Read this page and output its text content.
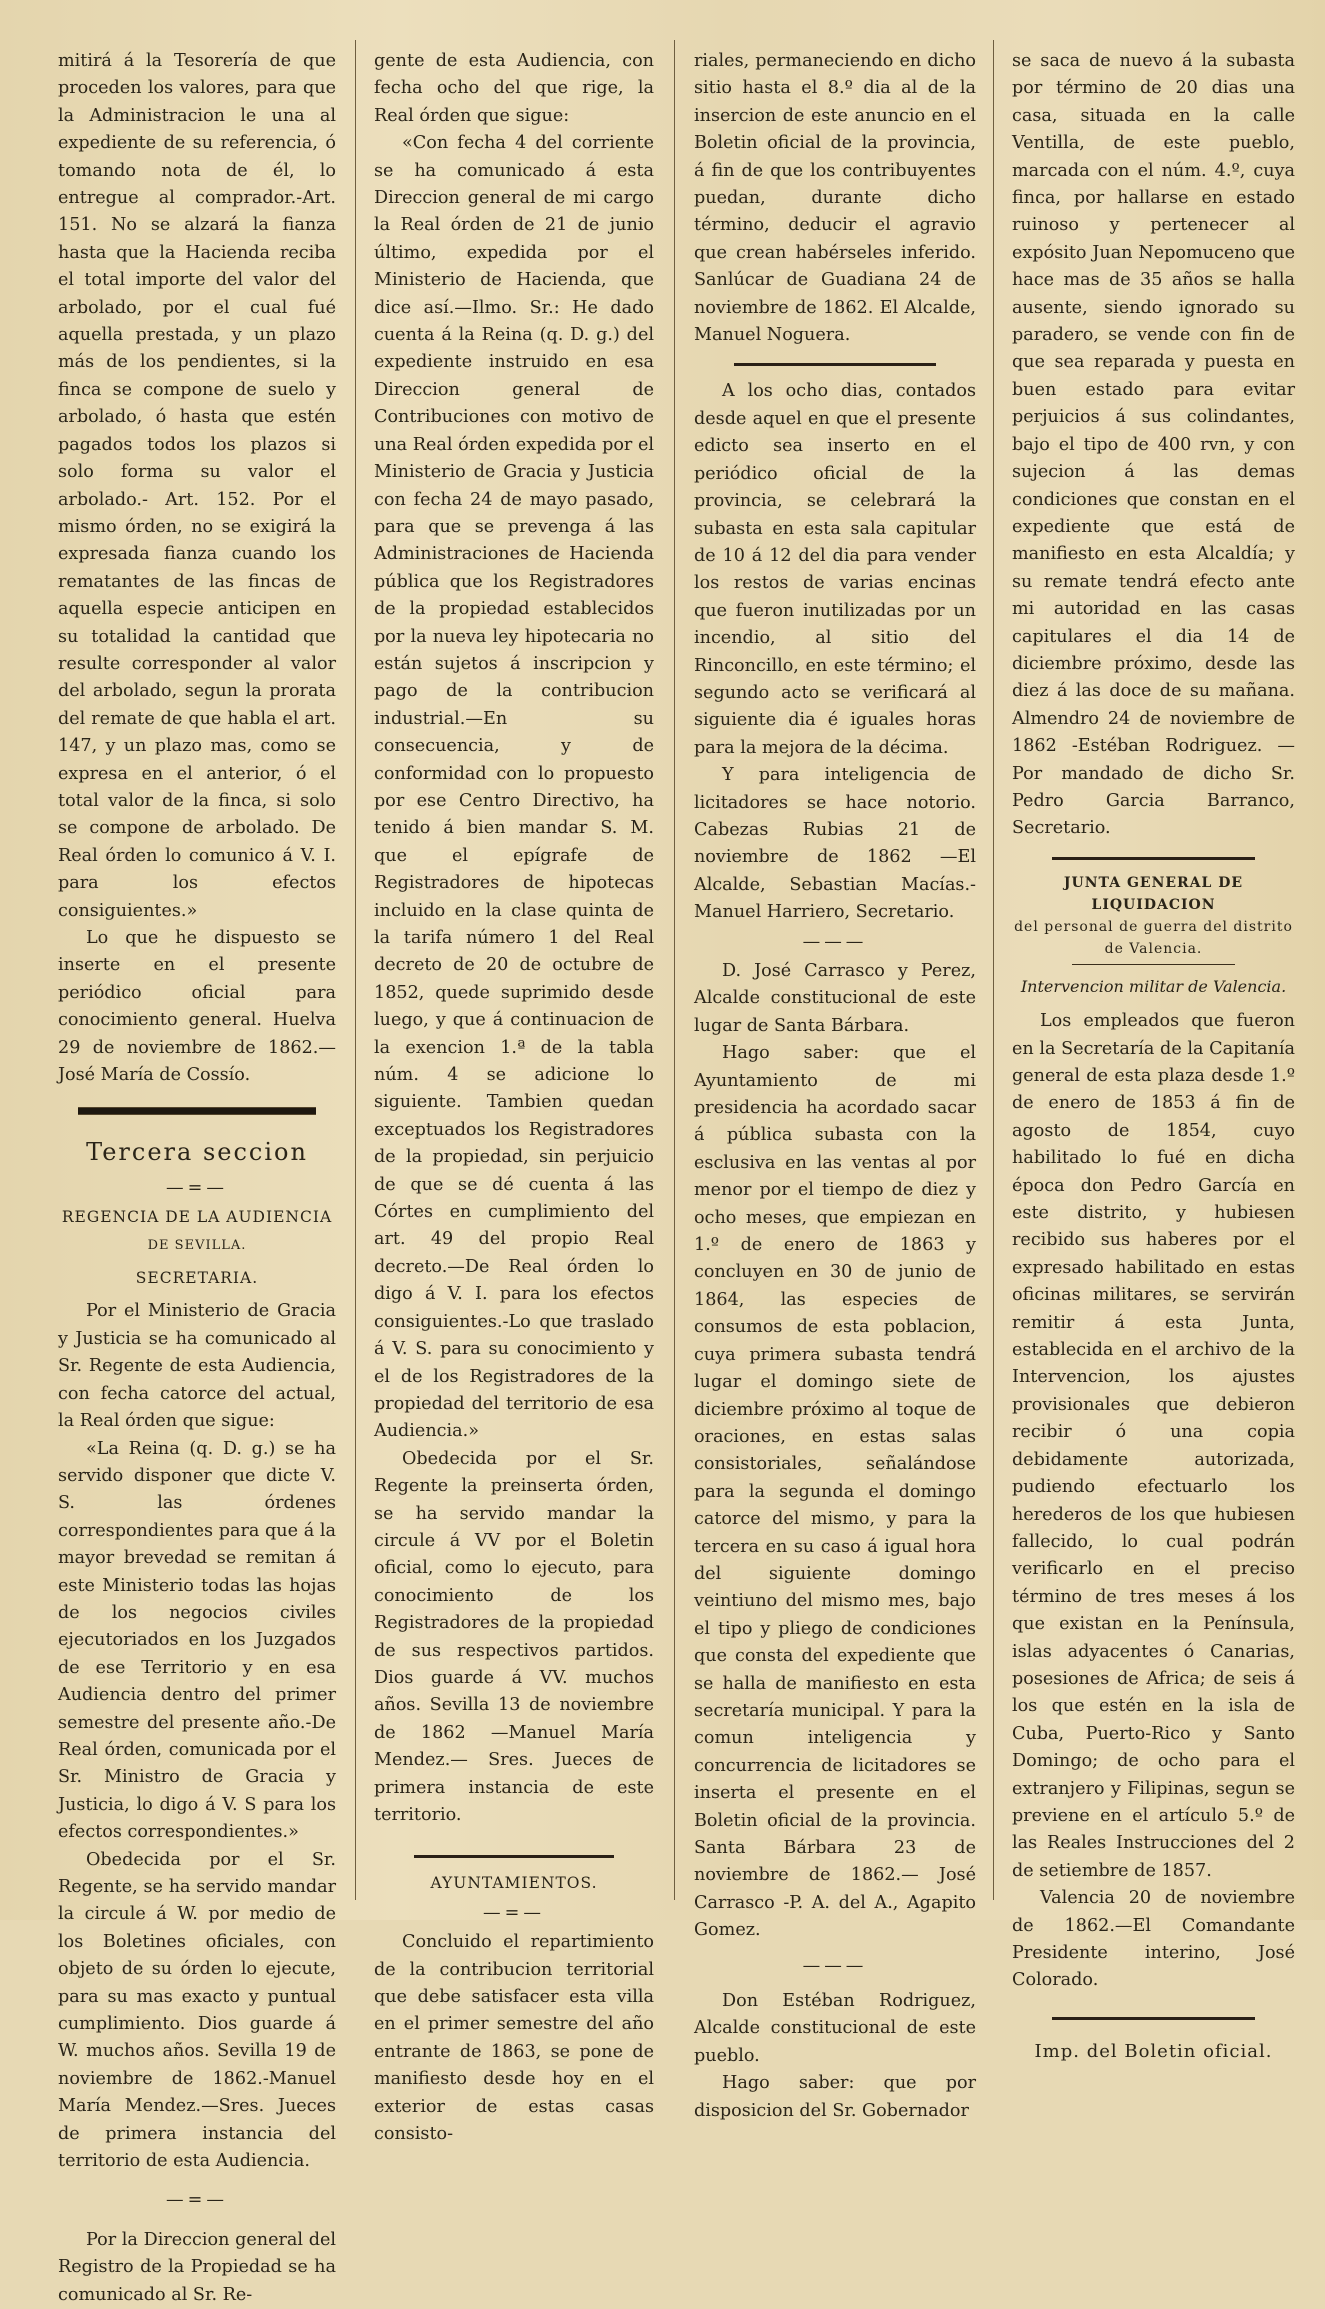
mitirá á la Tesorería de que proceden los valores, para que la Administracion le una al expediente de su referencia, ó tomando nota de él, lo entregue al comprador.-Art. 151. No se alzará la fianza hasta que la Hacienda reciba el total importe del valor del arbolado, por el cual fué aquella prestada, y un plazo más de los pendientes, si la finca se compone de suelo y arbolado, ó hasta que estén pagados todos los plazos si solo forma su valor el arbolado.- Art. 152. Por el mismo órden, no se exigirá la expresada fianza cuando los rematantes de las fincas de aquella especie anticipen en su totalidad la cantidad que resulte corresponder al valor del arbolado, segun la prorata del remate de que habla el art. 147, y un plazo mas, como se expresa en el anterior, ó el total valor de la finca, si solo se compone de arbolado. De Real órden lo comunico á V. I. para los efectos consiguientes.»

Lo que he dispuesto se inserte en el presente periódico oficial para conocimiento general. Huelva 29 de noviembre de 1862.—José María de Cossío.

Tercera seccion

—=—

REGENCIA DE LA AUDIENCIA

DE SEVILLA.

SECRETARIA.

Por el Ministerio de Gracia y Justicia se ha comunicado al Sr. Regente de esta Audiencia, con fecha catorce del actual, la Real órden que sigue:

«La Reina (q. D. g.) se ha servido disponer que dicte V. S. las órdenes correspondientes para que á la mayor brevedad se remitan á este Ministerio todas las hojas de los negocios civiles ejecutoriados en los Juzgados de ese Territorio y en esa Audiencia dentro del primer semestre del presente año.-De Real órden, comunicada por el Sr. Ministro de Gracia y Justicia, lo digo á V. S para los efectos correspondientes.»

Obedecida por el Sr. Regente, se ha servido mandar la circule á W. por medio de los Boletines oficiales, con objeto de su órden lo ejecute, para su mas exacto y puntual cumplimiento. Dios guarde á W. muchos años. Sevilla 19 de noviembre de 1862.-Manuel María Mendez.—Sres. Jueces de primera instancia del territorio de esta Audiencia.

—=—

Por la Direccion general del Registro de la Propiedad se ha comunicado al Sr. Re-

gente de esta Audiencia, con fecha ocho del que rige, la Real órden que sigue:

«Con fecha 4 del corriente se ha comunicado á esta Direccion general de mi cargo la Real órden de 21 de junio último, expedida por el Ministerio de Hacienda, que dice así.—Ilmo. Sr.: He dado cuenta á la Reina (q. D. g.) del expediente instruido en esa Direccion general de Contribuciones con motivo de una Real órden expedida por el Ministerio de Gracia y Justicia con fecha 24 de mayo pasado, para que se prevenga á las Administraciones de Hacienda pública que los Registradores de la propiedad establecidos por la nueva ley hipotecaria no están sujetos á inscripcion y pago de la contribucion industrial.—En su consecuencia, y de conformidad con lo propuesto por ese Centro Directivo, ha tenido á bien mandar S. M. que el epígrafe de Registradores de hipotecas incluido en la clase quinta de la tarifa número 1 del Real decreto de 20 de octubre de 1852, quede suprimido desde luego, y que á continuacion de la exencion 1.ª de la tabla núm. 4 se adicione lo siguiente. Tambien quedan exceptuados los Registradores de la propiedad, sin perjuicio de que se dé cuenta á las Córtes en cumplimiento del art. 49 del propio Real decreto.—De Real órden lo digo á V. I. para los efectos consiguientes.-Lo que traslado á V. S. para su conocimiento y el de los Registradores de la propiedad del territorio de esa Audiencia.»

Obedecida por el Sr. Regente la preinserta órden, se ha servido mandar la circule á VV por el Boletin oficial, como lo ejecuto, para conocimiento de los Registradores de la propiedad de sus respectivos partidos. Dios guarde á VV. muchos años. Sevilla 13 de noviembre de 1862 —Manuel María Mendez.— Sres. Jueces de primera instancia de este territorio.

AYUNTAMIENTOS.

—=—

Concluido el repartimiento de la contribucion territorial que debe satisfacer esta villa en el primer semestre del año entrante de 1863, se pone de manifiesto desde hoy en el exterior de estas casas consisto-

riales, permaneciendo en dicho sitio hasta el 8.º dia al de la insercion de este anuncio en el Boletin oficial de la provincia, á fin de que los contribuyentes puedan, durante dicho término, deducir el agravio que crean habérseles inferido. Sanlúcar de Guadiana 24 de noviembre de 1862. El Alcalde, Manuel Noguera.

A los ocho dias, contados desde aquel en que el presente edicto sea inserto en el periódico oficial de la provincia, se celebrará la subasta en esta sala capitular de 10 á 12 del dia para vender los restos de varias encinas que fueron inutilizadas por un incendio, al sitio del Rinconcillo, en este término; el segundo acto se verificará al siguiente dia é iguales horas para la mejora de la décima.

Y para inteligencia de licitadores se hace notorio. Cabezas Rubias 21 de noviembre de 1862 —El Alcalde, Sebastian Macías.-Manuel Harriero, Secretario.

———

D. José Carrasco y Perez, Alcalde constitucional de este lugar de Santa Bárbara.

Hago saber: que el Ayuntamiento de mi presidencia ha acordado sacar á pública subasta con la esclusiva en las ventas al por menor por el tiempo de diez y ocho meses, que empiezan en 1.º de enero de 1863 y concluyen en 30 de junio de 1864, las especies de consumos de esta poblacion, cuya primera subasta tendrá lugar el domingo siete de diciembre próximo al toque de oraciones, en estas salas consistoriales, señalándose para la segunda el domingo catorce del mismo, y para la tercera en su caso á igual hora del siguiente domingo veintiuno del mismo mes, bajo el tipo y pliego de condiciones que consta del expediente que se halla de manifiesto en esta secretaría municipal. Y para la comun inteligencia y concurrencia de licitadores se inserta el presente en el Boletin oficial de la provincia. Santa Bárbara 23 de noviembre de 1862.— José Carrasco -P. A. del A., Agapito Gomez.

———

Don Estéban Rodriguez, Alcalde constitucional de este pueblo.

Hago saber: que por disposicion del Sr. Gobernador

se saca de nuevo á la subasta por término de 20 dias una casa, situada en la calle Ventilla, de este pueblo, marcada con el núm. 4.º, cuya finca, por hallarse en estado ruinoso y pertenecer al expósito Juan Nepomuceno que hace mas de 35 años se halla ausente, siendo ignorado su paradero, se vende con fin de que sea reparada y puesta en buen estado para evitar perjuicios á sus colindantes, bajo el tipo de 400 rvn, y con sujecion á las demas condiciones que constan en el expediente que está de manifiesto en esta Alcaldía; y su remate tendrá efecto ante mi autoridad en las casas capitulares el dia 14 de diciembre próximo, desde las diez á las doce de su mañana. Almendro 24 de noviembre de 1862 -Estéban Rodriguez. —Por mandado de dicho Sr. Pedro Garcia Barranco, Secretario.

JUNTA GENERAL DE LIQUIDACION

del personal de guerra del distrito de Valencia.

Intervencion militar de Valencia.

Los empleados que fueron en la Secretaría de la Capitanía general de esta plaza desde 1.º de enero de 1853 á fin de agosto de 1854, cuyo habilitado lo fué en dicha época don Pedro García en este distrito, y hubiesen recibido sus haberes por el expresado habilitado en estas oficinas militares, se servirán remitir á esta Junta, establecida en el archivo de la Intervencion, los ajustes provisionales que debieron recibir ó una copia debidamente autorizada, pudiendo efectuarlo los herederos de los que hubiesen fallecido, lo cual podrán verificarlo en el preciso término de tres meses á los que existan en la Península, islas adyacentes ó Canarias, posesiones de Africa; de seis á los que estén en la isla de Cuba, Puerto-Rico y Santo Domingo; de ocho para el extranjero y Filipinas, segun se previene en el artículo 5.º de las Reales Instrucciones del 2 de setiembre de 1857.

Valencia 20 de noviembre de 1862.—El Comandante Presidente interino, José Colorado.

Imp. del Boletin oficial.
